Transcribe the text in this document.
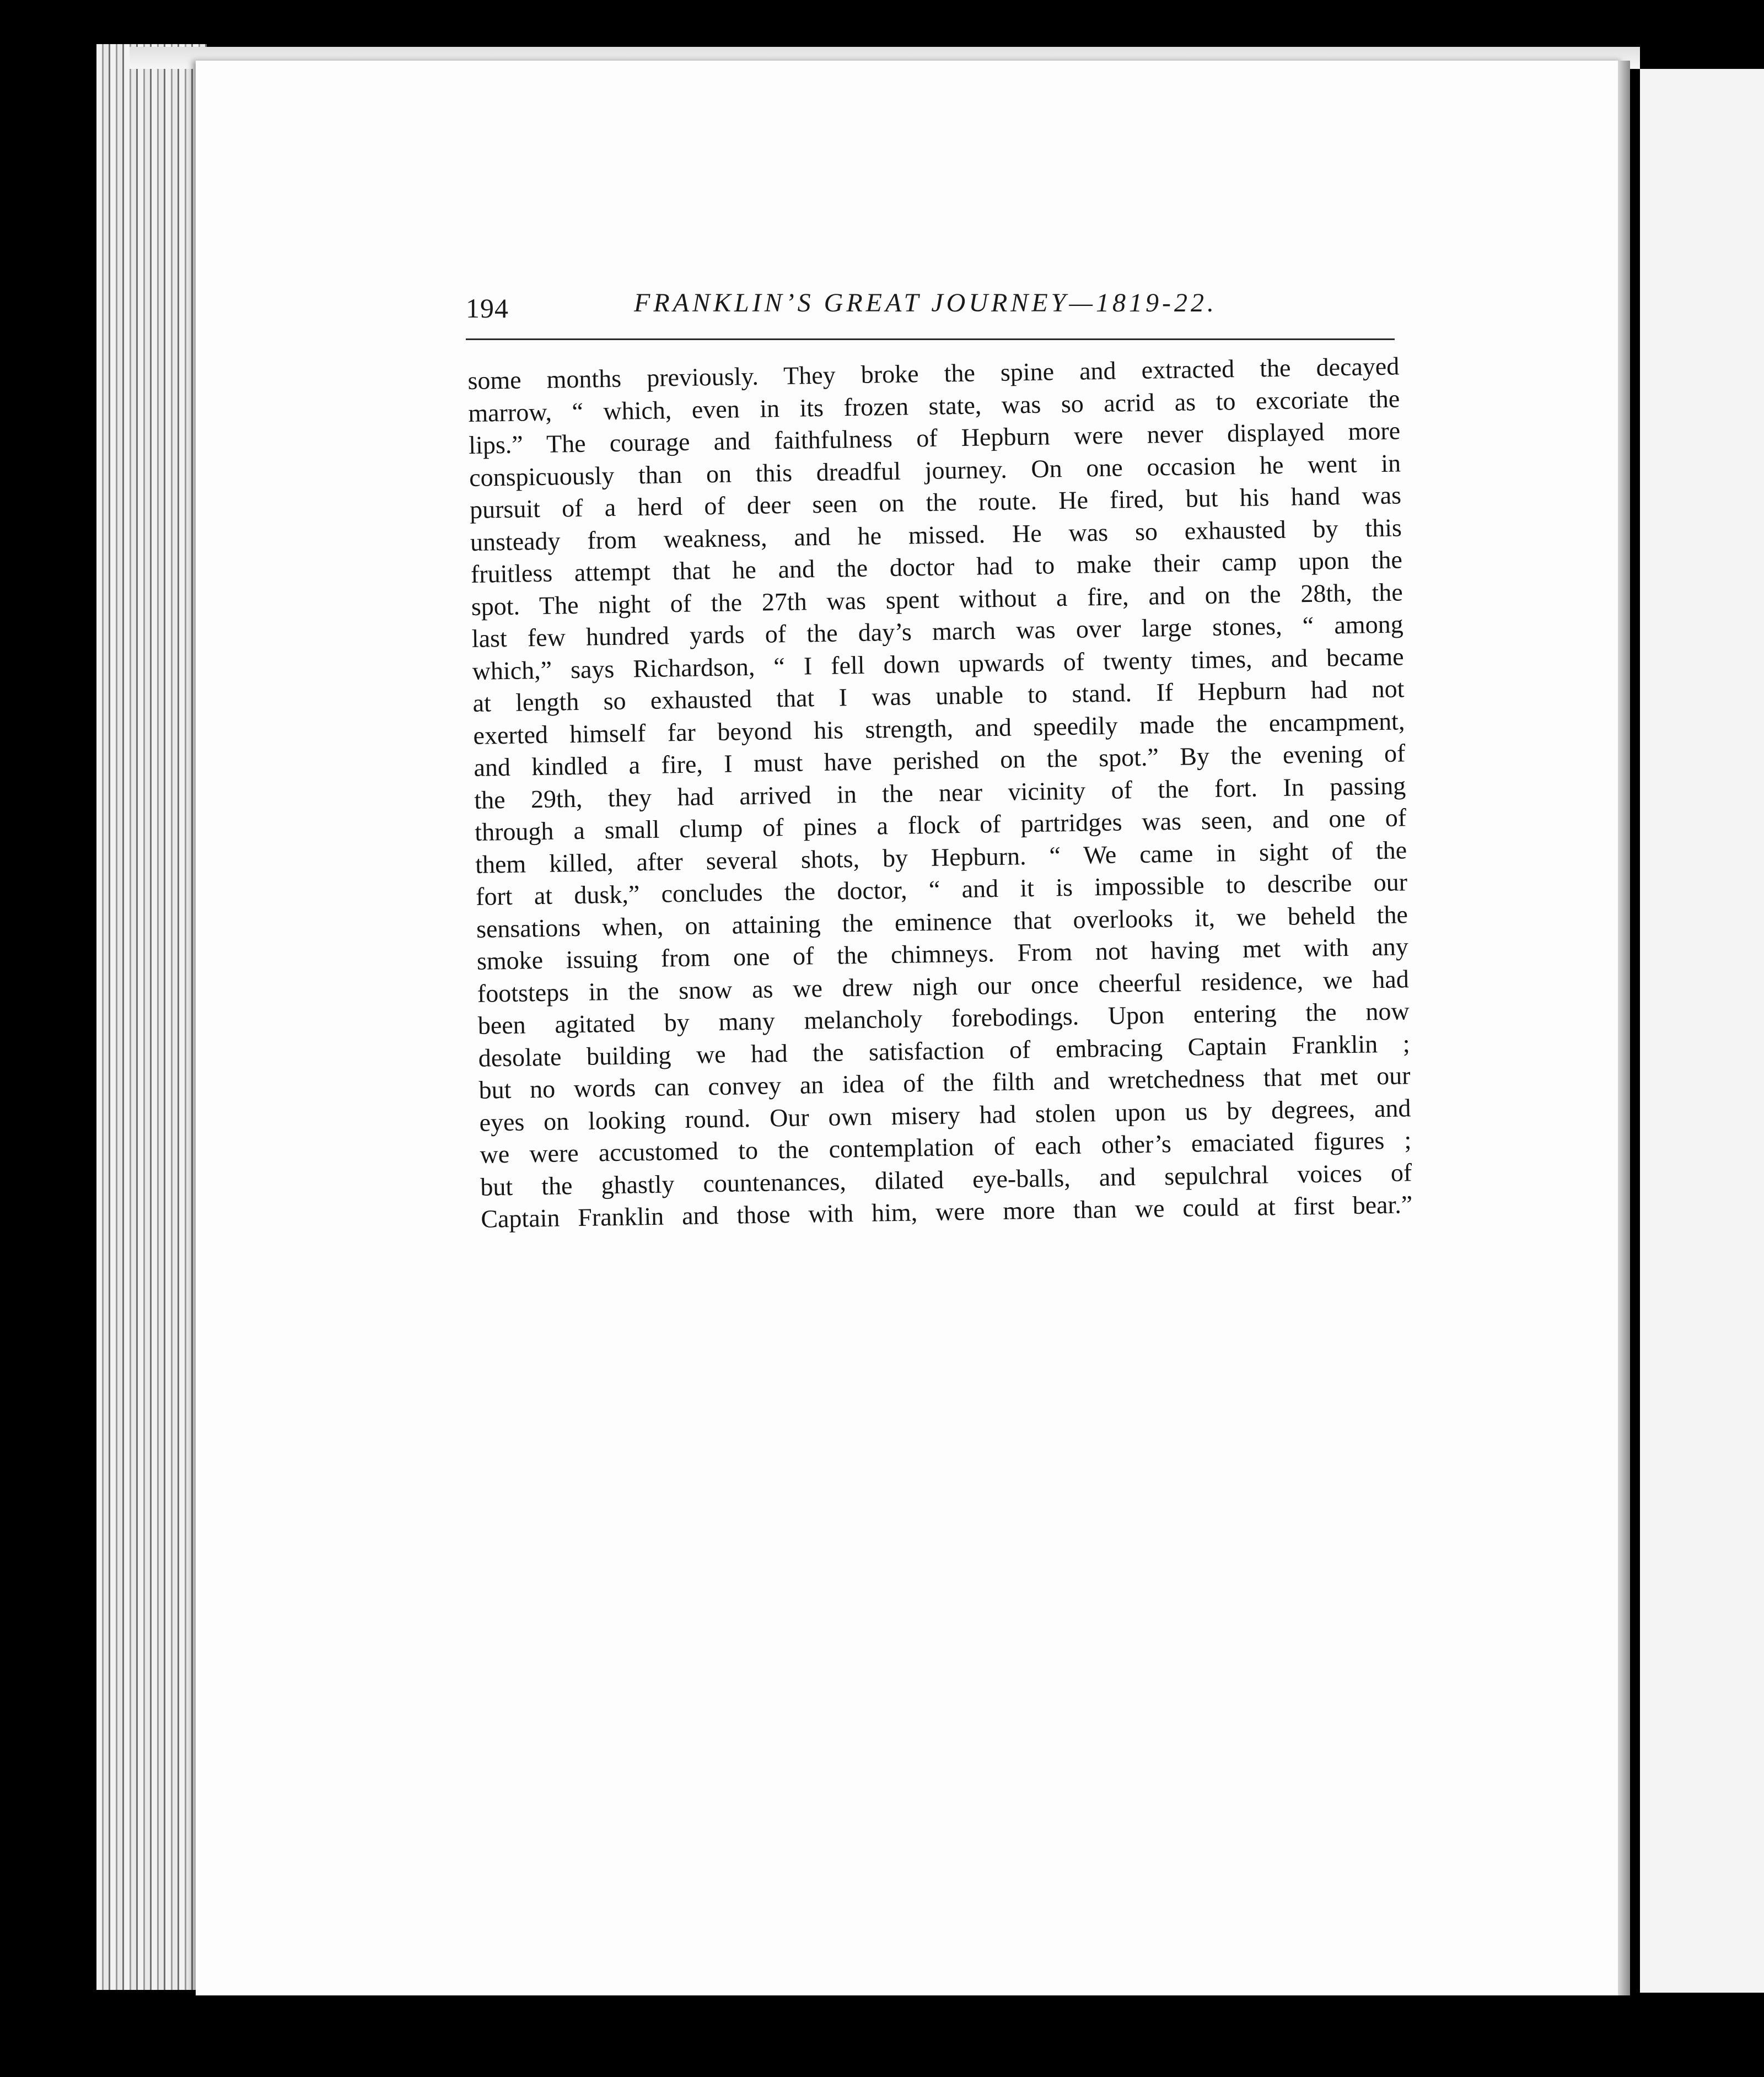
194	FRANKLIN’S GREAT JOURNEY—1819-22.
some months previously. They broke the spine and extracted the decayed
marrow, “ which, even in its frozen state, was so acrid as to excoriate the
lips.” The courage and faithfulness of Hepburn were never displayed more
conspicuously than on this dreadful journey. On one occasion he went in
pursuit of a herd of deer seen on the route. He fired, but his hand was
unsteady from weakness, and he missed. He was so exhausted by this
fruitless attempt that he and the doctor had to make their camp upon the
spot. The night of the 27th was spent without a fire, and on the 28th, the
last few hundred yards of the day’s march was over large stones, “ among
which,” says Richardson, “ I fell down upwards of twenty times, and became
at length so exhausted that I was unable to stand. If Hepburn had not
exerted himself far beyond his strength, and speedily made the encampment,
and kindled a fire, I must have perished on the spot.” By the evening of
the 29th, they had arrived in the near vicinity of the fort. In passing
through a small clump of pines a flock of partridges was seen, and one of
them killed, after several shots, by Hepburn. “ We came in sight of the
fort at dusk,” concludes the doctor, “ and it is impossible to describe our
sensations when, on attaining the eminence that overlooks it, we beheld the
smoke issuing from one of the chimneys. From not having met with any
footsteps in the snow as we drew nigh our once cheerful residence, we had
been agitated by many melancholy forebodings. Upon entering the now
desolate building we had the satisfaction of embracing Captain Franklin ;
but no words can convey an idea of the filth and wretchedness that met our
eyes on looking round. Our own misery had stolen upon us by degrees, and
we were accustomed to the contemplation of each other’s emaciated figures ;
but the ghastly countenances, dilated eye-balls, and sepulchral voices of
Captain Franklin and those with him, were more than we could at first bear.”
